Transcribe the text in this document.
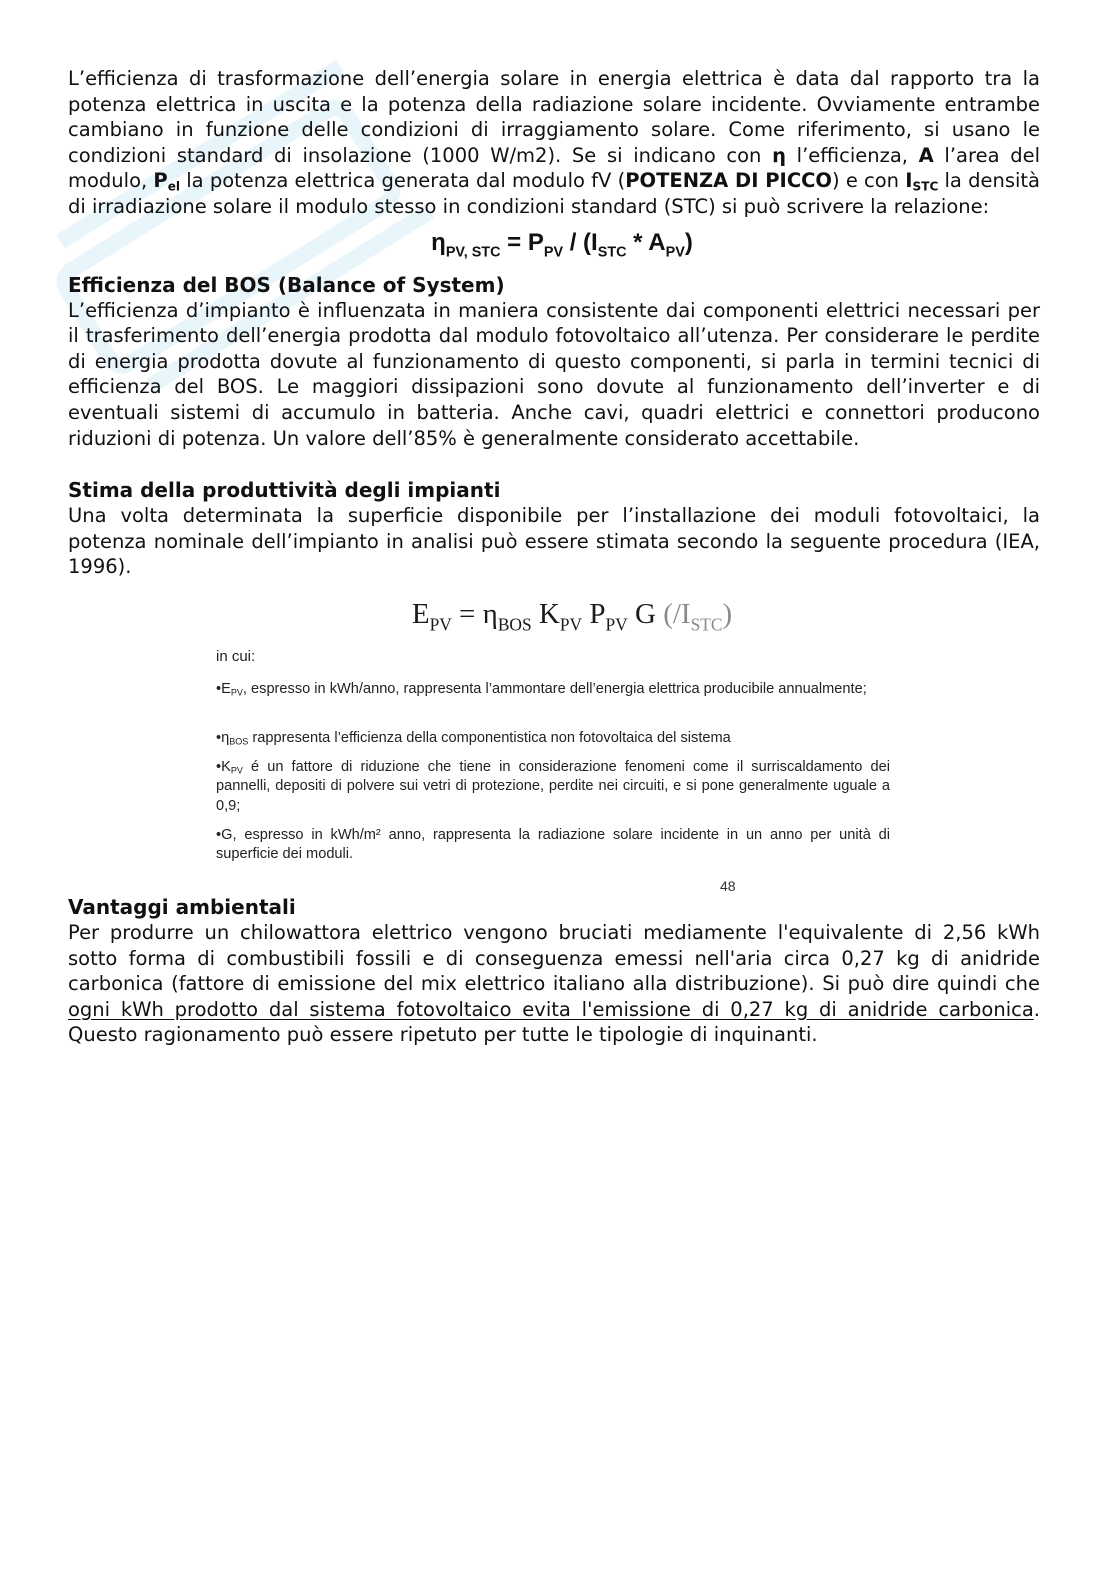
L’efficienza di trasformazione dell’energia solare in energia elettrica è data dal rapporto tra la potenza elettrica in uscita e la potenza della radiazione solare incidente. Ovviamente entrambe cambiano in funzione delle condizioni di irraggiamento solare. Come riferimento, si usano le condizioni standard di insolazione (1000 W/m2). Se si indicano con η l’efficienza, A l’area del modulo, $P_{el}$ la potenza elettrica generata dal modulo fV (POTENZA DI PICCO) e con $I_{STC}$ la densità di irradiazione solare il modulo stesso in condizioni standard (STC) si può scrivere la relazione:

$\eta_{PV, STC} = P_{PV} / (I_{STC} * A_{PV})$
Efficienza del BOS (Balance of System)

L’efficienza d’impianto è influenzata in maniera consistente dai componenti elettrici necessari per il trasferimento dell’energia prodotta dal modulo fotovoltaico all’utenza. Per considerare le perdite di energia prodotta dovute al funzionamento di questo componenti, si parla in termini tecnici di efficienza del BOS. Le maggiori dissipazioni sono dovute al funzionamento dell’inverter e di eventuali sistemi di accumulo in batteria. Anche cavi, quadri elettrici e connettori producono riduzioni di potenza. Un valore dell’85% è generalmente considerato accettabile.

Stima della produttività degli impianti

Una volta determinata la superficie disponibile per l’installazione dei moduli fotovoltaici, la potenza nominale dell’impianto in analisi può essere stimata secondo la seguente procedura (IEA, 1996).

$E_{PV} = \eta_{BOS}$ $K_{PV}$ $P_{PV}$ G $(/I_{STC})$
in cui:
$•E_{PV}$, espresso in kWh/anno, rappresenta l’ammontare dell’energia elettrica producibile annualmente;
$•\eta_{BOS}$ rappresenta l’efficienza della componentistica non fotovoltaica del sistema
$•K_{PV}$ é un fattore di riduzione che tiene in considerazione fenomeni come il surriscaldamento dei pannelli, depositi di polvere sui vetri di protezione, perdite nei circuiti, e si pone generalmente uguale a 0,9;
•G, espresso in kWh/m² anno, rappresenta la radiazione solare incidente in un anno per unità di superficie dei moduli.
48
Vantaggi ambientali

Per produrre un chilowattora elettrico vengono bruciati mediamente l'equivalente di 2,56 kWh sotto forma di combustibili fossili e di conseguenza emessi nell'aria circa 0,27 kg di anidride carbonica (fattore di emissione del mix elettrico italiano alla distribuzione). Si può dire quindi che ogni kWh prodotto dal sistema fotovoltaico evita l'emissione di 0,27 kg di anidride carbonica. Questo ragionamento può essere ripetuto per tutte le tipologie di inquinanti.
